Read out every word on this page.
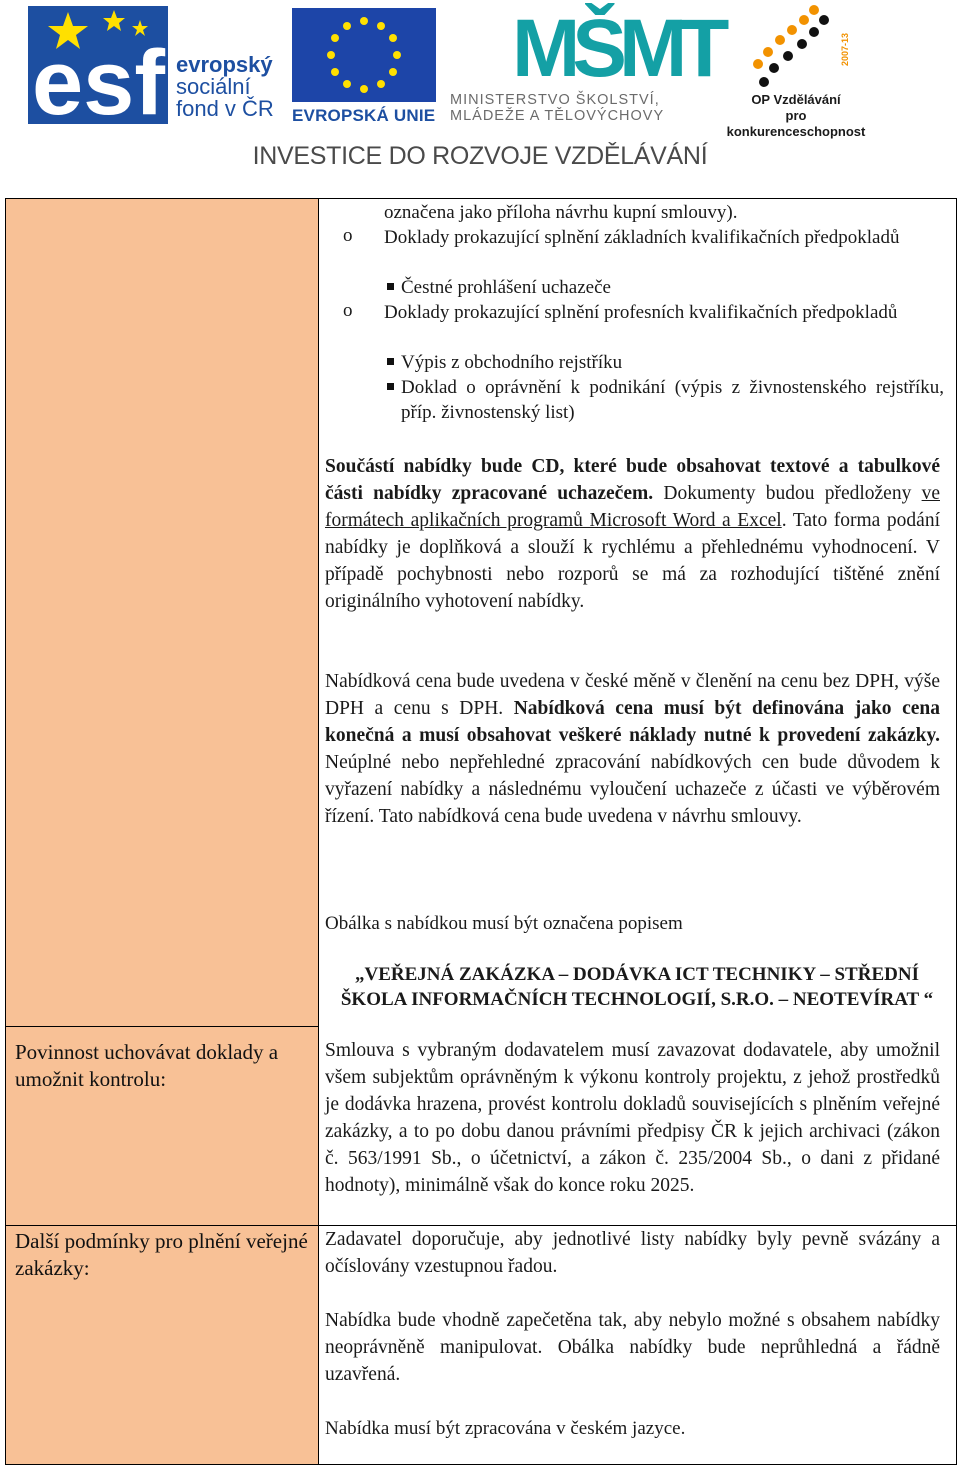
esf evropský
sociální
fond v ČR EVROPSKÁ UNIE
MŠMT
MINISTERSTVO ŠKOLSTVÍ,
MLÁDEŽE A TĚLOVÝCHOVY
2007-13
OP Vzdělávání
pro konkurenceschopnost
INVESTICE DO ROZVOJE VZDĚLÁVÁNÍ
Povinnost uchovávat doklady a umožnit kontrolu:
Další podmínky pro plnění veřejné zakázky:
označena jako příloha návrhu kupní smlouvy).
o Doklady prokazující splnění základních kvalifikačních předpokladů
Čestné prohlášení uchazeče
o Doklady prokazující splnění profesních kvalifikačních předpokladů
Výpis z obchodního rejstříku
Doklad o oprávnění k podnikání (výpis z živnostenského rejstříku, příp. živnostenský list)
Součástí nabídky bude CD, které bude obsahovat textové a tabulkové části nabídky zpracované uchazečem. Dokumenty budou předloženy ve formátech aplikačních programů Microsoft Word a Excel. Tato forma podání nabídky je doplňková a slouží k rychlému a přehlednému vyhodnocení. V případě pochybnosti nebo rozporů se má za rozhodující tištěné znění originálního vyhotovení nabídky.
Nabídková cena bude uvedena v české měně v členění na cenu bez DPH, výše DPH a cenu s DPH. Nabídková cena musí být definována jako cena konečná a musí obsahovat veškeré náklady nutné k provedení zakázky. Neúplné nebo nepřehledné zpracování nabídkových cen bude důvodem k vyřazení nabídky a následnému vyloučení uchazeče z účasti ve výběrovém řízení. Tato nabídková cena bude uvedena v návrhu smlouvy.
Obálka s nabídkou musí být označena popisem
„VEŘEJNÁ ZAKÁZKA – DODÁVKA ICT TECHNIKY – STŘEDNÍ ŠKOLA INFORMAČNÍCH TECHNOLOGIÍ, S.R.O. – NEOTEVÍRAT “
Smlouva s vybraným dodavatelem musí zavazovat dodavatele, aby umožnil všem subjektům oprávněným k výkonu kontroly projektu, z jehož prostředků je dodávka hrazena, provést kontrolu dokladů souvisejících s plněním veřejné zakázky, a to po dobu danou právními předpisy ČR k jejich archivaci (zákon č. 563/1991 Sb., o účetnictví, a zákon č. 235/2004 Sb., o dani z přidané hodnoty), minimálně však do konce roku 2025.
Zadavatel doporučuje, aby jednotlivé listy nabídky byly pevně svázány a očíslovány vzestupnou řadou.
Nabídka bude vhodně zapečetěna tak, aby nebylo možné s obsahem nabídky neoprávněně manipulovat. Obálka nabídky bude neprůhledná a řádně uzavřená.
Nabídka musí být zpracována v českém jazyce.
